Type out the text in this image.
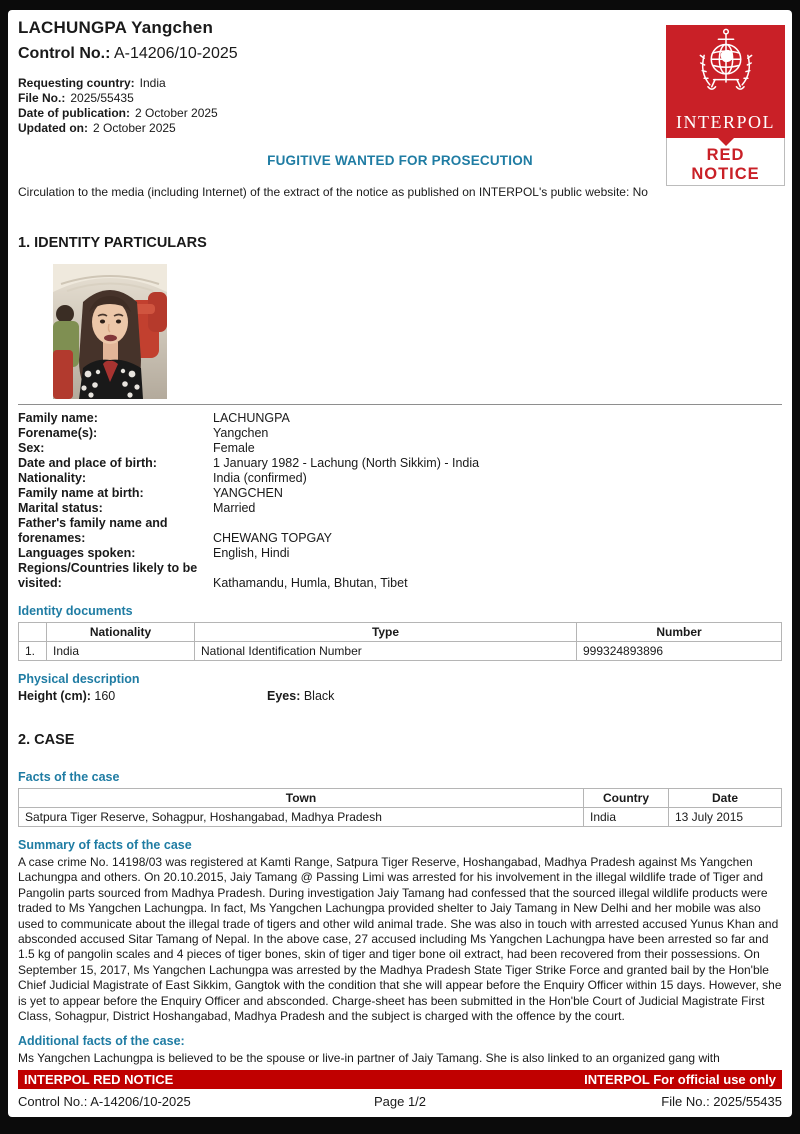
INTERPOL
RED
NOTICE
LACHUNGPA Yangchen
Control No.: A-14206/10-2025
Requesting country: India
File No.: 2025/55435
Date of publication: 2 October 2025
Updated on: 2 October 2025
FUGITIVE WANTED FOR PROSECUTION
Circulation to the media (including Internet) of the extract of the notice as published on INTERPOL's public website: No
1. IDENTITY PARTICULARS
Family name:	LACHUNGPA
Forename(s):	Yangchen
Sex:	Female
Date and place of birth:	1 January 1982 - Lachung (North Sikkim) - India
Nationality:	India (confirmed)
Family name at birth:	YANGCHEN
Marital status:	Married
Father's family name and forenames:	CHEWANG TOPGAY
Languages spoken:	English, Hindi
Regions/Countries likely to be visited:	Kathamandu, Humla, Bhutan, Tibet
Identity documents
	Nationality	Type	Number
1.	India	National Identification Number	999324893896
Physical description
Height (cm): 160	Eyes: Black
2. CASE
Facts of the case
Town	Country	Date
Satpura Tiger Reserve, Sohagpur, Hoshangabad, Madhya Pradesh	India	13 July 2015
Summary of facts of the case

A case crime No. 14198/03 was registered at Kamti Range, Satpura Tiger Reserve, Hoshangabad, Madhya Pradesh against Ms Yangchen Lachungpa and others. On 20.10.2015, Jaiy Tamang @ Passing Limi was arrested for his involvement in the illegal wildlife trade of Tiger and Pangolin parts sourced from Madhya Pradesh. During investigation Jaiy Tamang had confessed that the sourced illegal wildlife products were traded to Ms Yangchen Lachungpa. In fact, Ms Yangchen Lachungpa provided shelter to Jaiy Tamang in New Delhi and her mobile was also used to communicate about the illegal trade of tigers and other wild animal trade. She was also in touch with arrested accused Yunus Khan and absconded accused Sitar Tamang of Nepal. In the above case, 27 accused including Ms Yangchen Lachungpa have been arrested so far and 1.5 kg of pangolin scales and 4 pieces of tiger bones, skin of tiger and tiger bone oil extract, had been recovered from their possessions. On September 15, 2017, Ms Yangchen Lachungpa was arrested by the Madhya Pradesh State Tiger Strike Force and granted bail by the Hon'ble Chief Judicial Magistrate of East Sikkim, Gangtok with the condition that she will appear before the Enquiry Officer within 15 days. However, she is yet to appear before the Enquiry Officer and absconded. Charge-sheet has been submitted in the Hon'ble Court of Judicial Magistrate First Class, Sohagpur, District Hoshangabad, Madhya Pradesh and the subject is charged with the offence by the court.

Additional facts of the case:

Ms Yangchen Lachungpa is believed to be the spouse or live-in partner of Jaiy Tamang. She is also linked to an organized gang with

INTERPOL RED NOTICE	INTERPOL For official use only
Control No.: A-14206/10-2025	Page 1/2	File No.: 2025/55435
